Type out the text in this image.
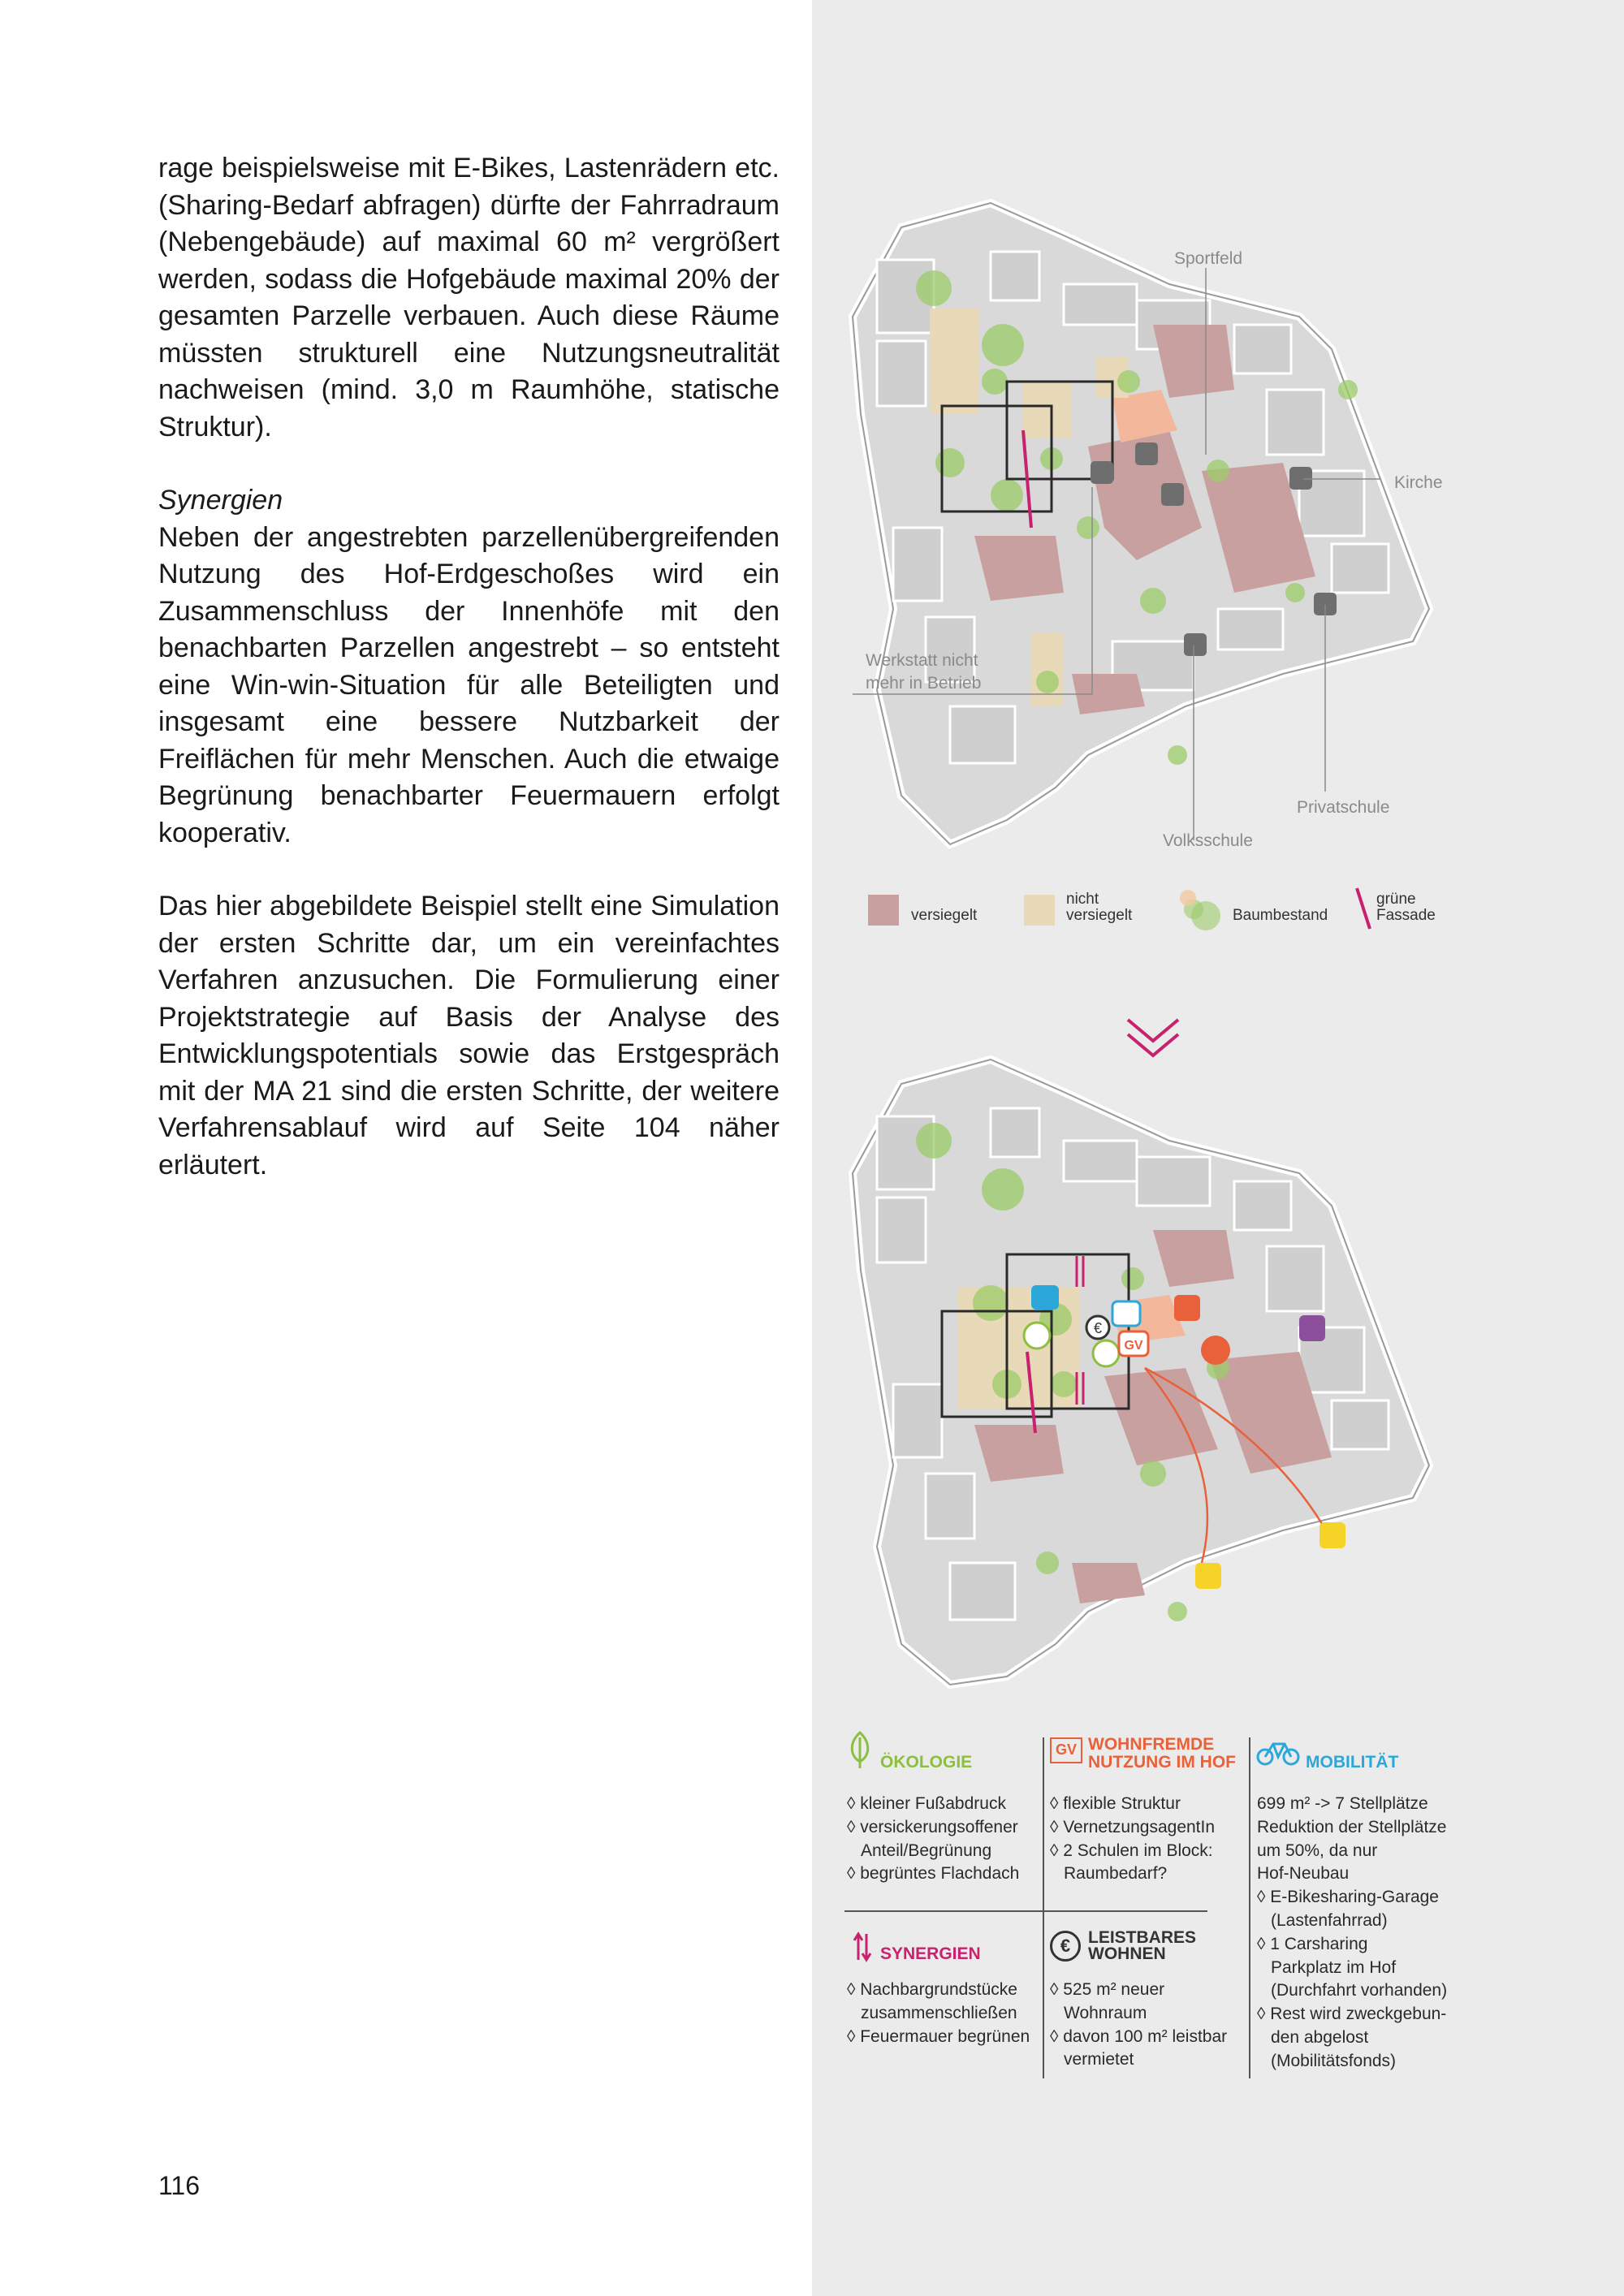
rage beispielsweise mit E-Bikes, Lastenrädern etc. (Sharing-Bedarf abfragen) dürfte der Fahrradraum (Nebengebäude) auf maximal 60 m² vergrößert werden, sodass die Hofgebäude maximal 20% der gesamten Parzelle verbauen. Auch diese Räume müssten strukturell eine Nutzungsneutralität nachweisen (mind. 3,0 m Raumhöhe, statische Struktur).

Synergien
Neben der angestrebten parzellenübergreifenden Nutzung des Hof-Erdgeschoßes wird ein Zusammenschluss der Innenhöfe mit den benachbarten Parzellen angestrebt – so entsteht eine Win-win-Situation für alle Beteiligten und insgesamt eine bessere Nutzbarkeit der Freiflächen für mehr Menschen. Auch die etwaige Begrünung benachbarter Feuermauern erfolgt kooperativ.

Das hier abgebildete Beispiel stellt eine Simulation der ersten Schritte dar, um ein vereinfachtes Verfahren anzusuchen. Die Formulierung einer Projektstrategie auf Basis der Analyse des Entwicklungspotentials sowie das Erstgespräch mit der MA 21 sind die ersten Schritte, der weitere Verfahrensablauf wird auf Seite 104 näher erläutert.

116
Sportfeld
Kirche
Werkstatt nicht
mehr in Betrieb
Privatschule
Volksschule
versiegelt
nicht
versiegelt	Baumbestand
grüne
Fassade
€
GV
ÖKOLOGIE
◊ kleiner Fußabdruck
◊ versickerungsoffener
Anteil/Begrünung
◊ begrüntes Flachdach
GV WOHNFREMDE
NUTZUNG IM HOF
◊ flexible Struktur
◊ VernetzungsagentIn
◊ 2 Schulen im Block:
Raumbedarf?
MOBILITÄT
699 m² -> 7 Stellplätze
Reduktion der Stellplätze
um 50%, da nur
Hof-Neubau
◊ E-Bikesharing-Garage
(Lastenfahrrad)
◊ 1 Carsharing
Parkplatz im Hof
(Durchfahrt vorhanden)
◊ Rest wird zweckgebun-
den abgelost
(Mobilitätsfonds)
SYNERGIEN
◊ Nachbargrundstücke
zusammenschließen
◊ Feuermauer begrünen
€	LEISTBARES
WOHNEN
◊ 525 m² neuer
Wohnraum
◊ davon 100 m² leistbar
vermietet
